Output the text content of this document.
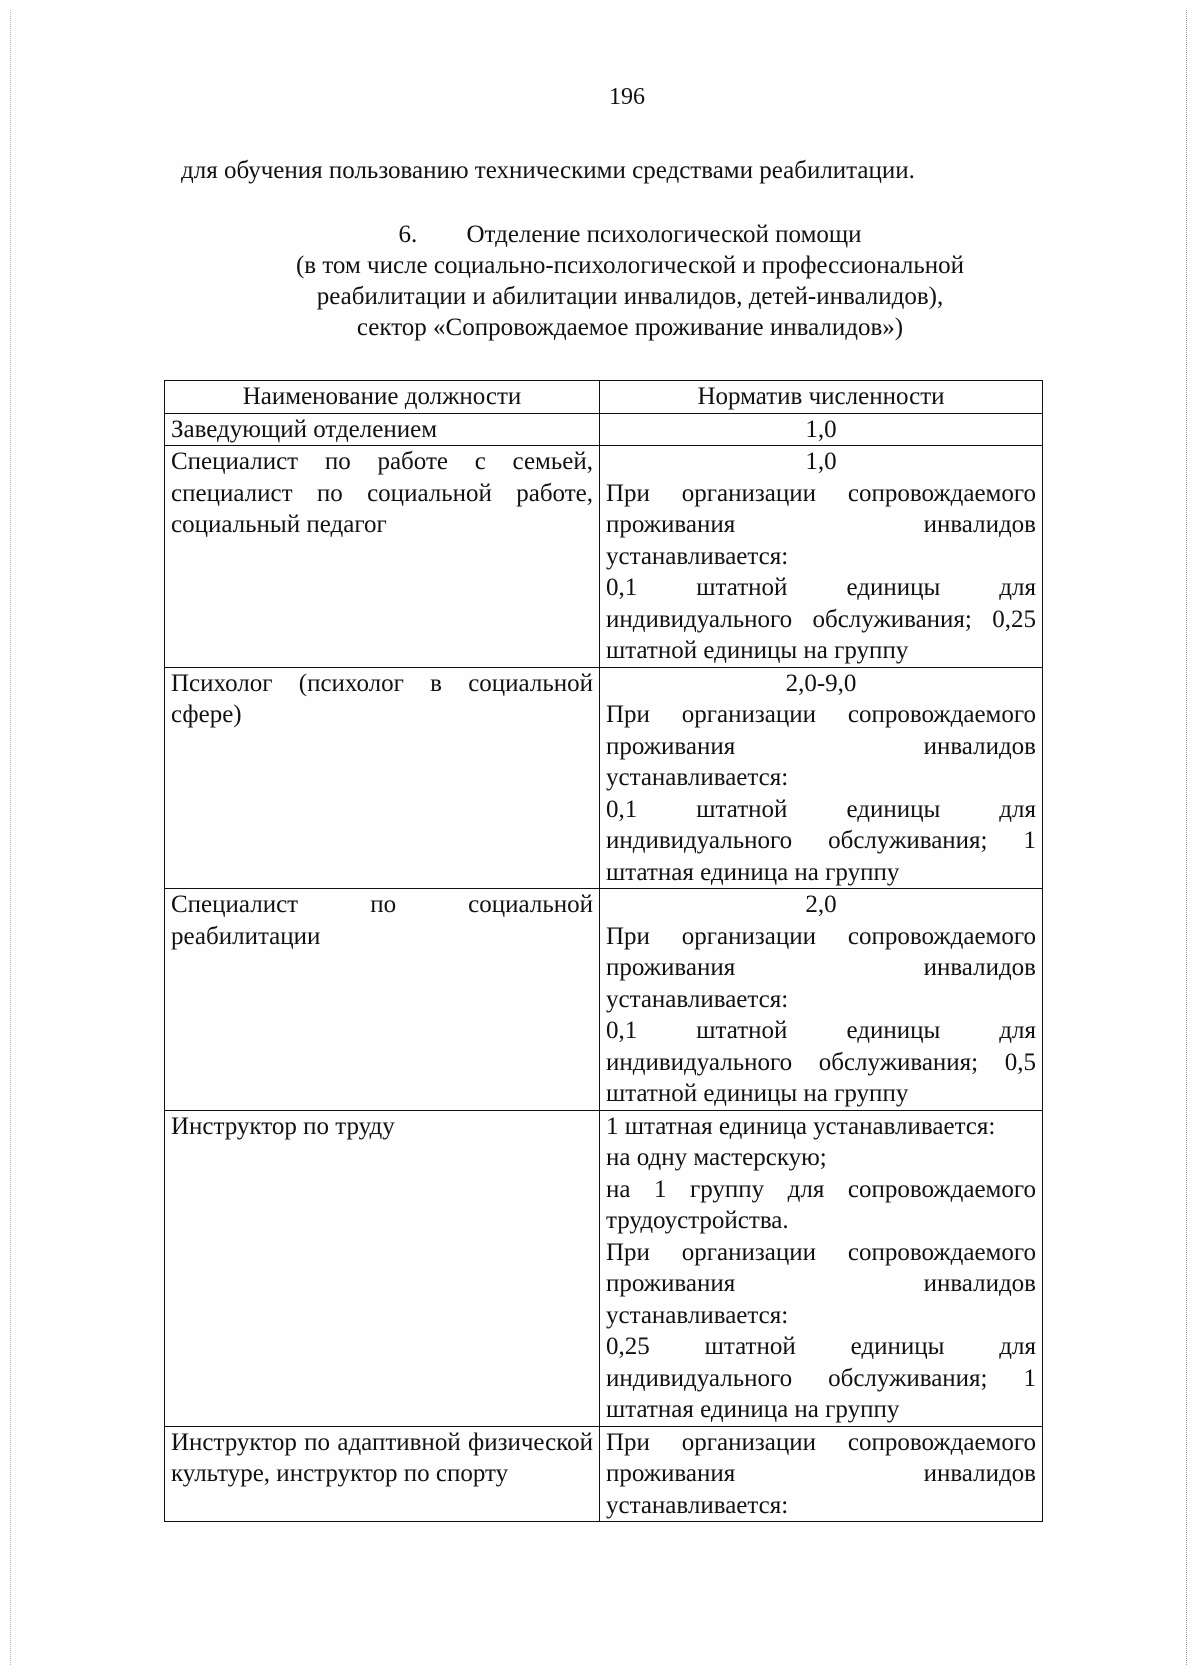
196
для обучения пользованию техническими средствами реабилитации.
6. Отделение психологической помощи
(в том числе социально-психологической и профессиональной
реабилитации и абилитации инвалидов, детей-инвалидов),
сектор «Сопровождаемое проживание инвалидов»)
Наименование должности	Норматив численности
Заведующий отделением	1,0

Специалист по работе с семьей, специалист по социальной работе, социальный педагог	1,0
При организации сопровождаемого проживания инвалидов устанавливается:
0,1 штатной единицы для индивидуального обслуживания; 0,25 штатной единицы на группу

Психолог (психолог в социальной сфере)	2,0-9,0
При организации сопровождаемого проживания инвалидов устанавливается:
0,1 штатной единицы для индивидуального обслуживания; 1 штатная единица на группу

Специалист по социальной реабилитации	2,0
При организации сопровождаемого проживания инвалидов устанавливается:
0,1 штатной единицы для индивидуального обслуживания; 0,5 штатной единицы на группу

Инструктор по труду	1 штатная единица устанавливается:
на одну мастерскую;
на 1 группу для сопровождаемого трудоустройства.
При организации сопровождаемого проживания инвалидов устанавливается:
0,25 штатной единицы для индивидуального обслуживания; 1 штатная единица на группу

Инструктор по адаптивной физической культуре, инструктор по спорту	При организации сопровождаемого проживания инвалидов устанавливается:
